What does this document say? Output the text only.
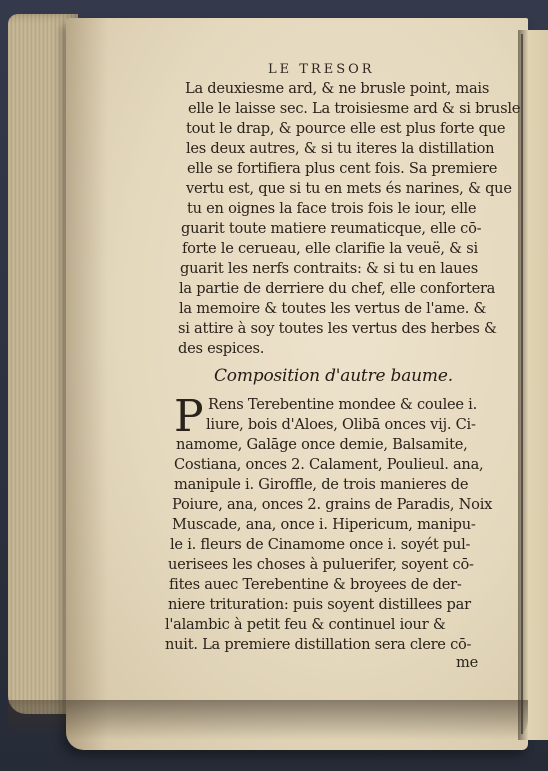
LE TRESOR
La deuxiesme ard, & ne brusle point, mais
elle le laisse sec. La troisiesme ard & si brusle
tout le drap, & pource elle est plus forte que
les deux autres, & si tu iteres la distillation
elle se fortifiera plus cent fois. Sa premiere
vertu est, que si tu en mets és narines, & que
tu en oignes la face trois fois le iour, elle
guarit toute matiere reumaticque, elle cō-
forte le cerueau, elle clarifie la veuë, & si
guarit les nerfs contraits: & si tu en laues
la partie de derriere du chef, elle confortera
la memoire & toutes les vertus de l'ame. &
si attire à soy toutes les vertus des herbes &
des espices.
Composition d'autre baume.
P Rens Terebentine mondee & coulee i.
liure, bois d'Aloes, Olibā onces vij. Ci-
namome, Galāge once demie, Balsamite,
Costiana, onces 2. Calament, Poulieul. ana,
manipule i. Giroffle, de trois manieres de
Poiure, ana, onces 2. grains de Paradis, Noix
Muscade, ana, once i. Hipericum, manipu-
le i. fleurs de Cinamome once i. soyét pul-
uerisees les choses à puluerifer, soyent cō-
fites auec Terebentine & broyees de der-
niere trituration: puis soyent distillees par
l'alambic à petit feu & continuel iour &
nuit. La premiere distillation sera clere cō-
me
